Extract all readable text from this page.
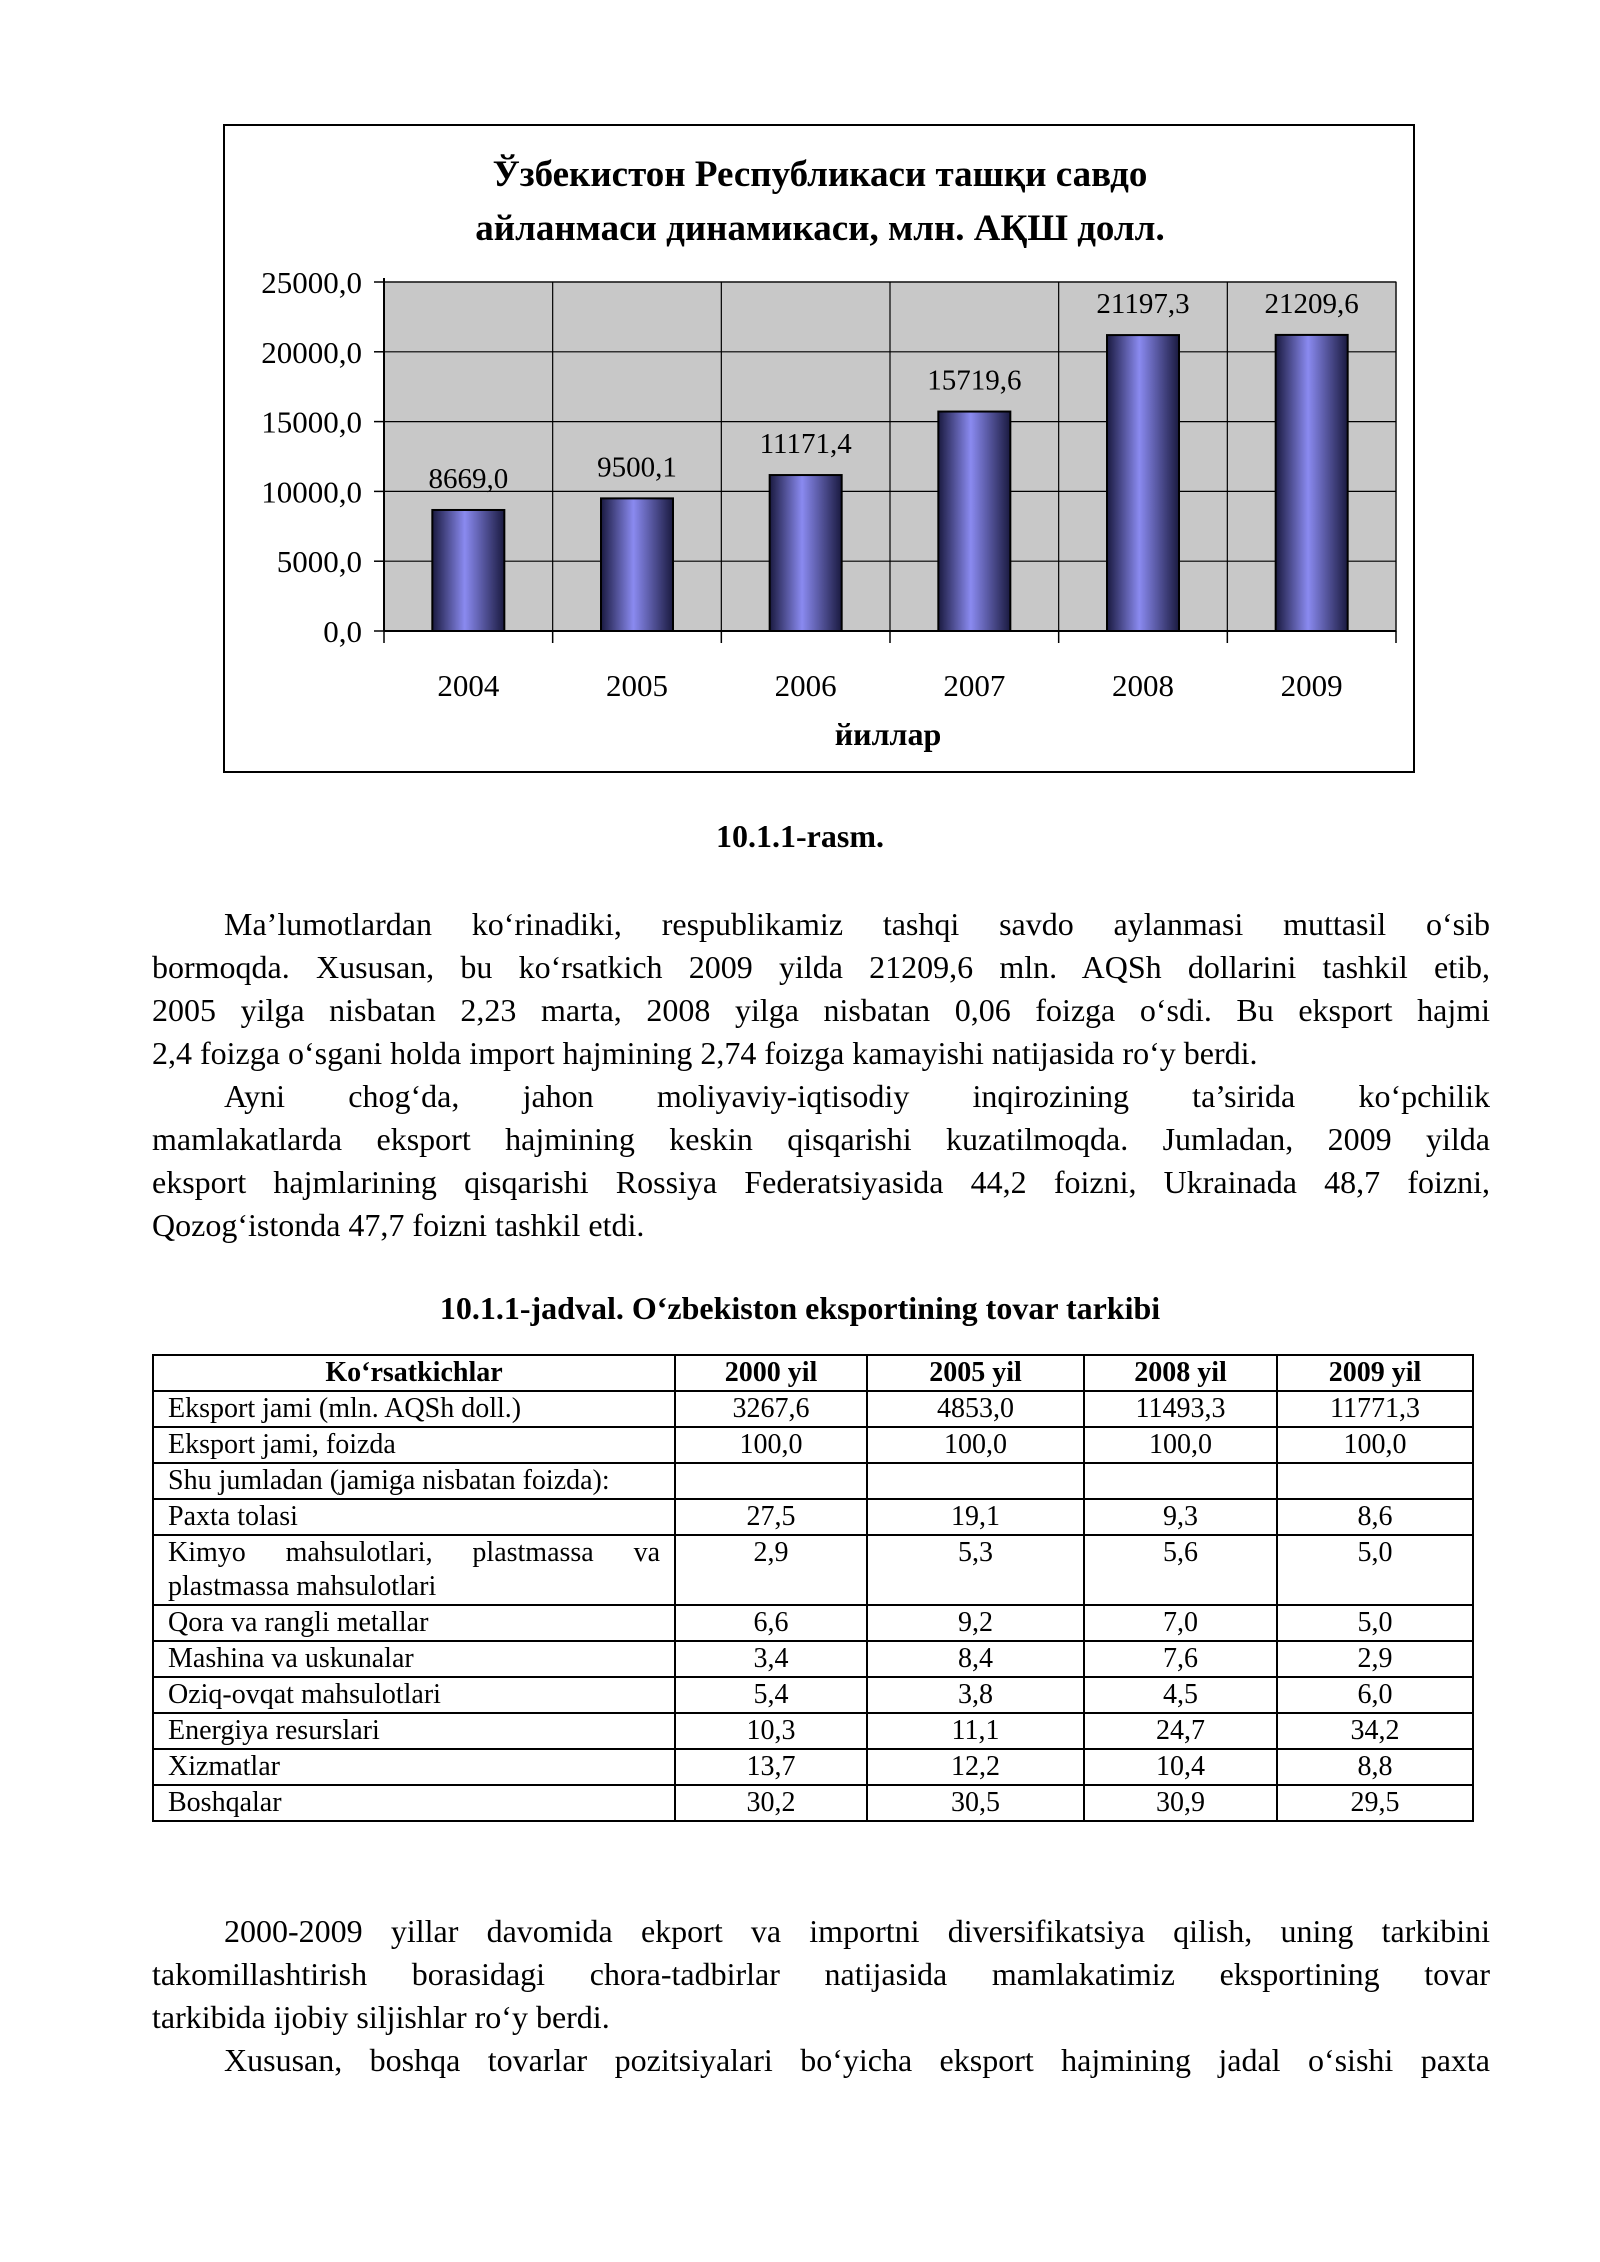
Ўзбекистон Республикаси ташқи савдо
айланмаси динамикаси, млн. АҚШ долл.
0,0
5000,0
10000,0
15000,0
20000,0
25000,0
8669,0
2004
9500,1
2005
11171,4
2006
15719,6
2007
21197,3
2008
21209,6
2009
йиллар
10.1.1-rasm.
Ma’lumotlardan ko‘rinadiki, respublikamiz tashqi savdo aylanmasi muttasil o‘sib
bormoqda. Xususan, bu ko‘rsatkich 2009 yilda 21209,6 mln. AQSh dollarini tashkil etib,
2005 yilga nisbatan 2,23 marta, 2008 yilga nisbatan 0,06 foizga o‘sdi. Bu eksport hajmi
2,4 foizga o‘sgani holda import hajmining 2,74 foizga kamayishi natijasida ro‘y berdi.
Ayni chog‘da, jahon moliyaviy-iqtisodiy inqirozining ta’sirida ko‘pchilik
mamlakatlarda eksport hajmining keskin qisqarishi kuzatilmoqda. Jumladan, 2009 yilda
eksport hajmlarining qisqarishi Rossiya Federatsiyasida 44,2 foizni, Ukrainada 48,7 foizni,
Qozog‘istonda 47,7 foizni tashkil etdi.
10.1.1-jadval. O‘zbekiston eksportining tovar tarkibi
Ko‘rsatkichlar	2000 yil	2005 yil	2008 yil	2009 yil
Eksport jami (mln. AQSh doll.)	3267,6	4853,0	11493,3	11771,3
Eksport jami, foizda	100,0	100,0	100,0	100,0
Shu jumladan (jamiga nisbatan foizda):				
Paxta tolasi	27,5	19,1	9,3	8,6
Kimyo mahsulotlari, plastmassa va plastmassa mahsulotlari	2,9	5,3	5,6	5,0
Qora va rangli metallar	6,6	9,2	7,0	5,0
Mashina va uskunalar	3,4	8,4	7,6	2,9
Oziq-ovqat mahsulotlari	5,4	3,8	4,5	6,0
Energiya resurslari	10,3	11,1	24,7	34,2
Xizmatlar	13,7	12,2	10,4	8,8
Boshqalar	30,2	30,5	30,9	29,5
2000-2009 yillar davomida ekport va importni diversifikatsiya qilish, uning tarkibini
takomillashtirish borasidagi chora-tadbirlar natijasida mamlakatimiz eksportining tovar
tarkibida ijobiy siljishlar ro‘y berdi.
Xususan, boshqa tovarlar pozitsiyalari bo‘yicha eksport hajmining jadal o‘sishi paxta
